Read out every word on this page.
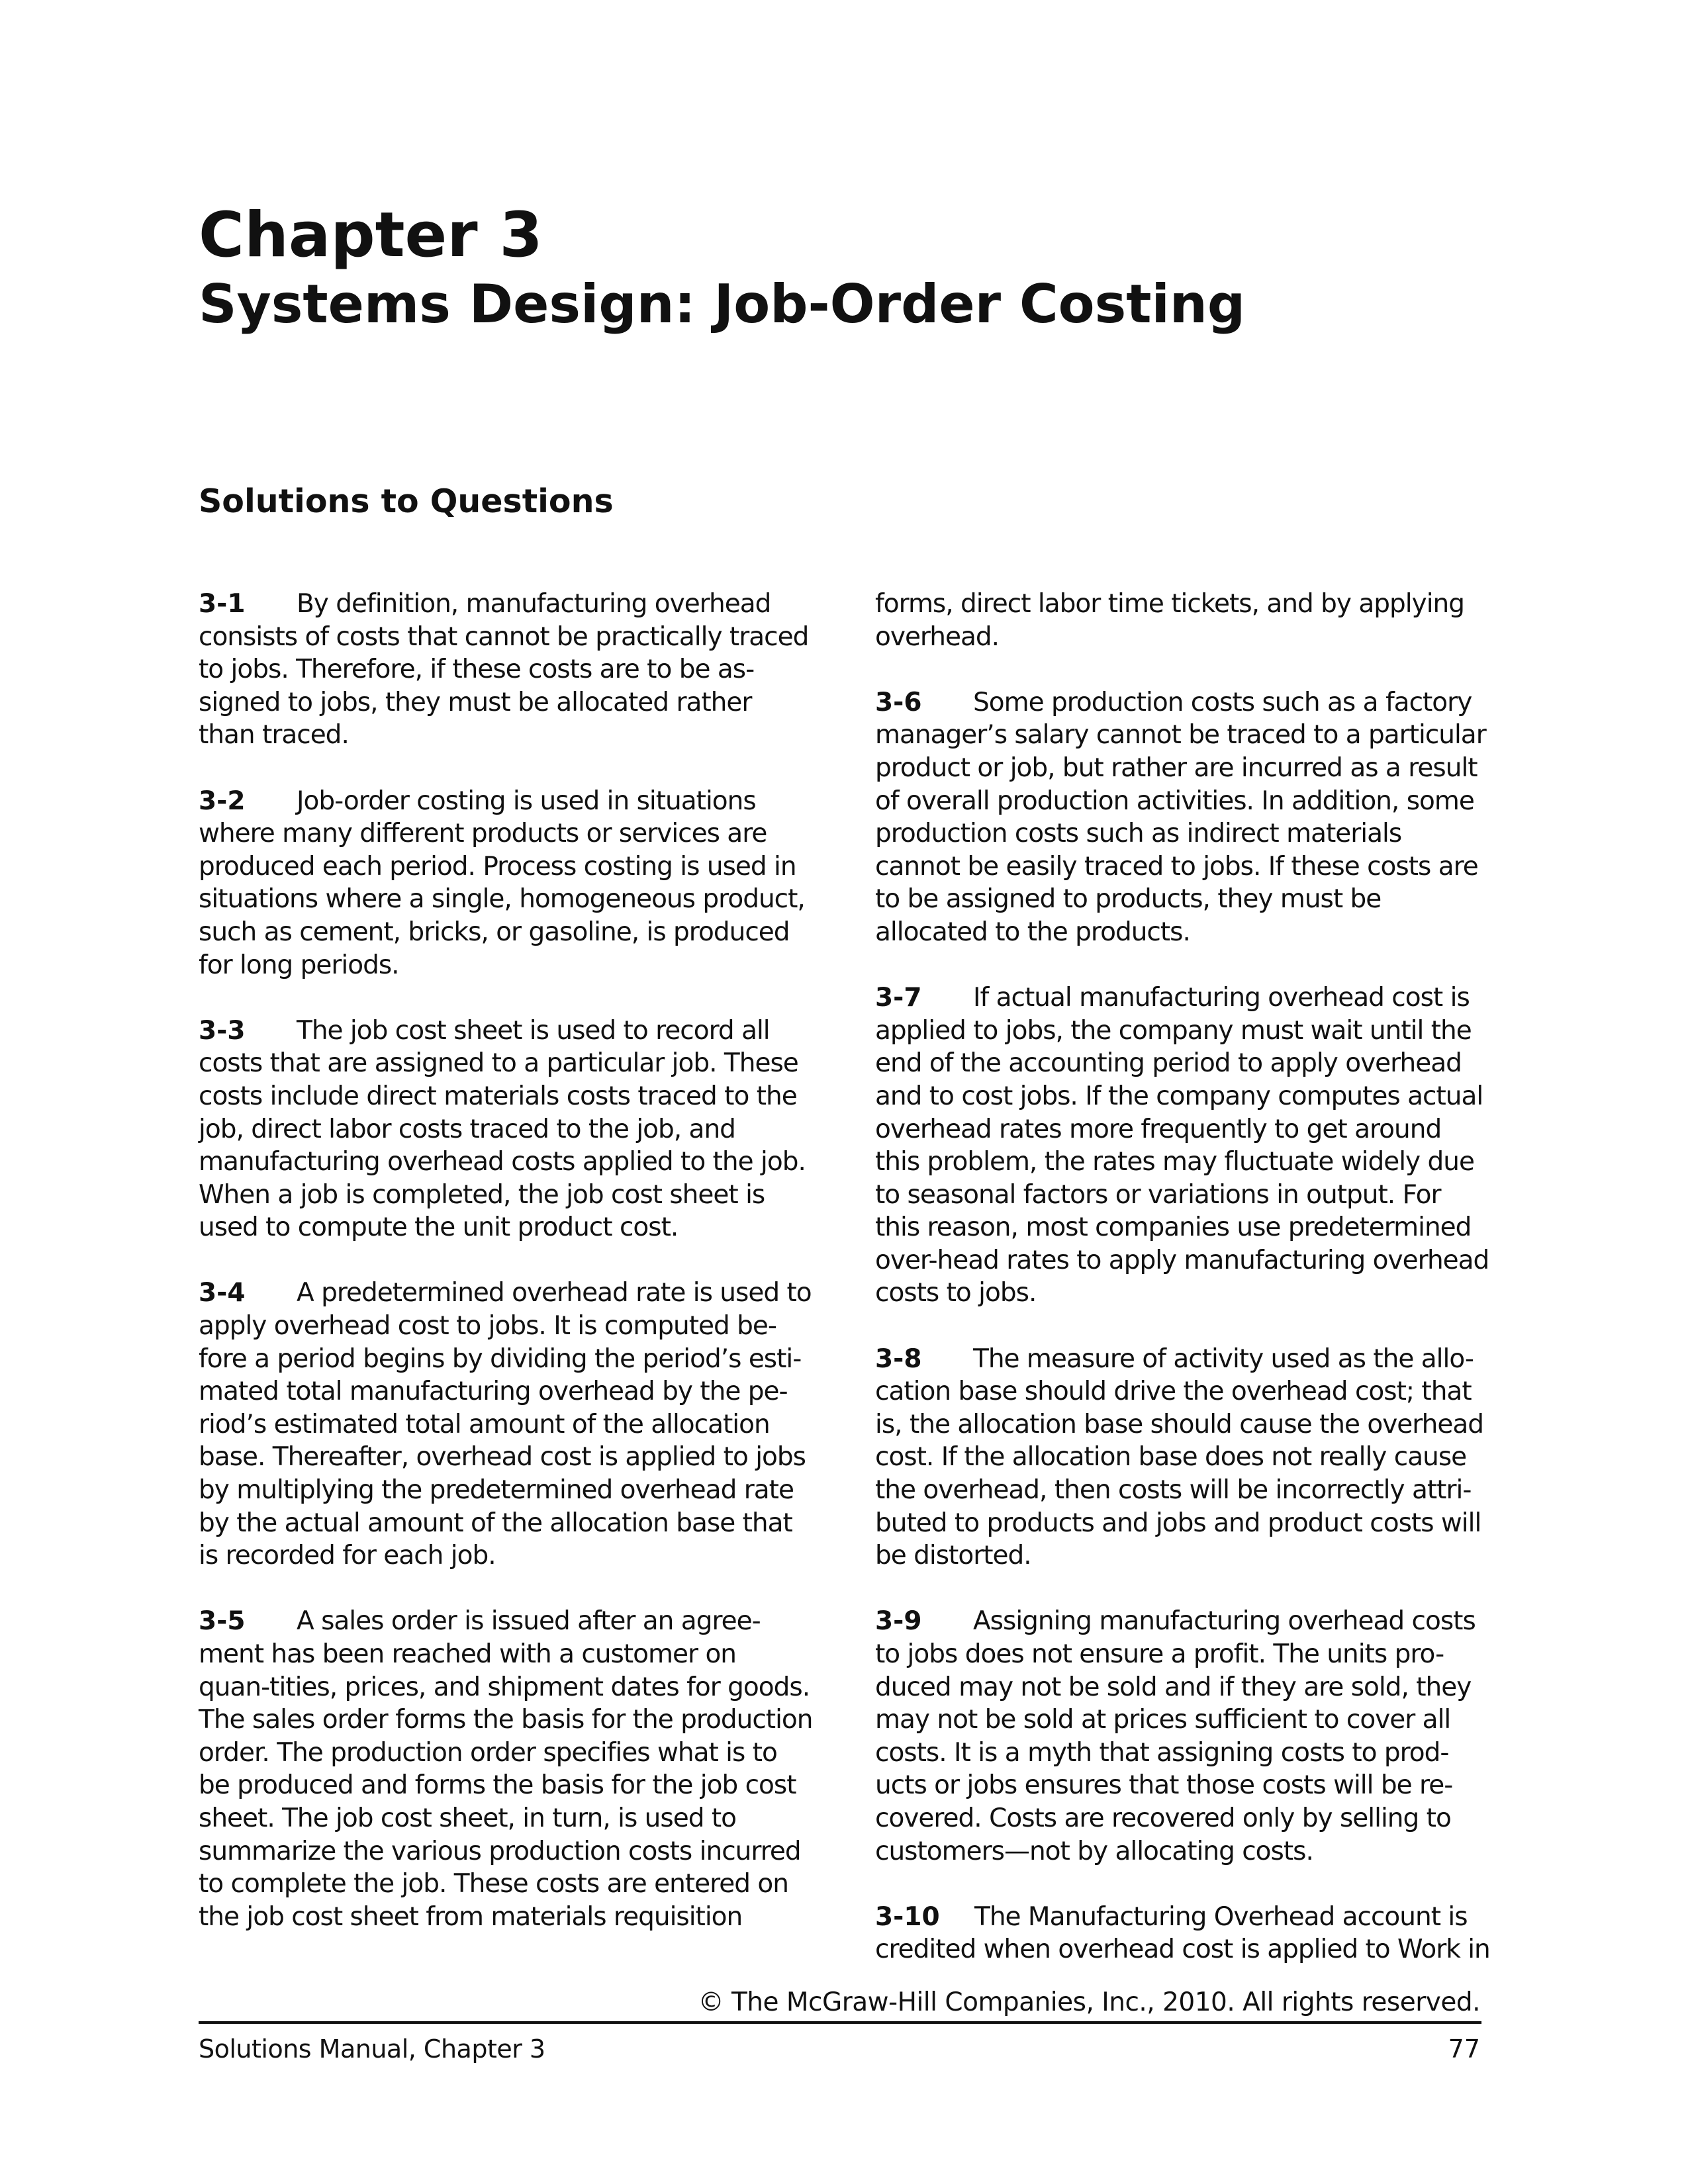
Chapter 3
Systems Design: Job-Order Costing
Solutions to Questions

3-1 By definition, manufacturing overhead consists of costs that cannot be practically traced to jobs. Therefore, if these costs are to be as-signed to jobs, they must be allocated rather than traced.

3-2 Job-order costing is used in situations where many different products or services are produced each period. Process costing is used in situations where a single, homogeneous product, such as cement, bricks, or gasoline, is produced for long periods.

3-3 The job cost sheet is used to record all costs that are assigned to a particular job. These costs include direct materials costs traced to the job, direct labor costs traced to the job, and manufacturing overhead costs applied to the job. When a job is completed, the job cost sheet is used to compute the unit product cost.

3-4 A predetermined overhead rate is used to apply overhead cost to jobs. It is computed be-fore a period begins by dividing the period’s esti-mated total manufacturing overhead by the pe-riod’s estimated total amount of the allocation base. Thereafter, overhead cost is applied to jobs by multiplying the predetermined overhead rate by the actual amount of the allocation base that is recorded for each job.

3-5 A sales order is issued after an agree-ment has been reached with a customer on quan-tities, prices, and shipment dates for goods. The sales order forms the basis for the production order. The production order specifies what is to be produced and forms the basis for the job cost sheet. The job cost sheet, in turn, is used to summarize the various production costs incurred to complete the job. These costs are entered on the job cost sheet from materials requisition

forms, direct labor time tickets, and by applying overhead.

3-6 Some production costs such as a factory manager’s salary cannot be traced to a particular product or job, but rather are incurred as a result of overall production activities. In addition, some production costs such as indirect materials cannot be easily traced to jobs. If these costs are to be assigned to products, they must be allocated to the products.

3-7 If actual manufacturing overhead cost is applied to jobs, the company must wait until the end of the accounting period to apply overhead and to cost jobs. If the company computes actual overhead rates more frequently to get around this problem, the rates may fluctuate widely due to seasonal factors or variations in output. For this reason, most companies use predetermined over-head rates to apply manufacturing overhead costs to jobs.

3-8 The measure of activity used as the allo-cation base should drive the overhead cost; that is, the allocation base should cause the overhead cost. If the allocation base does not really cause the overhead, then costs will be incorrectly attri-buted to products and jobs and product costs will be distorted.

3-9 Assigning manufacturing overhead costs to jobs does not ensure a profit. The units pro-duced may not be sold and if they are sold, they may not be sold at prices sufficient to cover all costs. It is a myth that assigning costs to prod-ucts or jobs ensures that those costs will be re-covered. Costs are recovered only by selling to customers—not by allocating costs.

3-10 The Manufacturing Overhead account is credited when overhead cost is applied to Work in

© The McGraw-Hill Companies, Inc., 2010. All rights reserved.
Solutions Manual, Chapter 3	77
